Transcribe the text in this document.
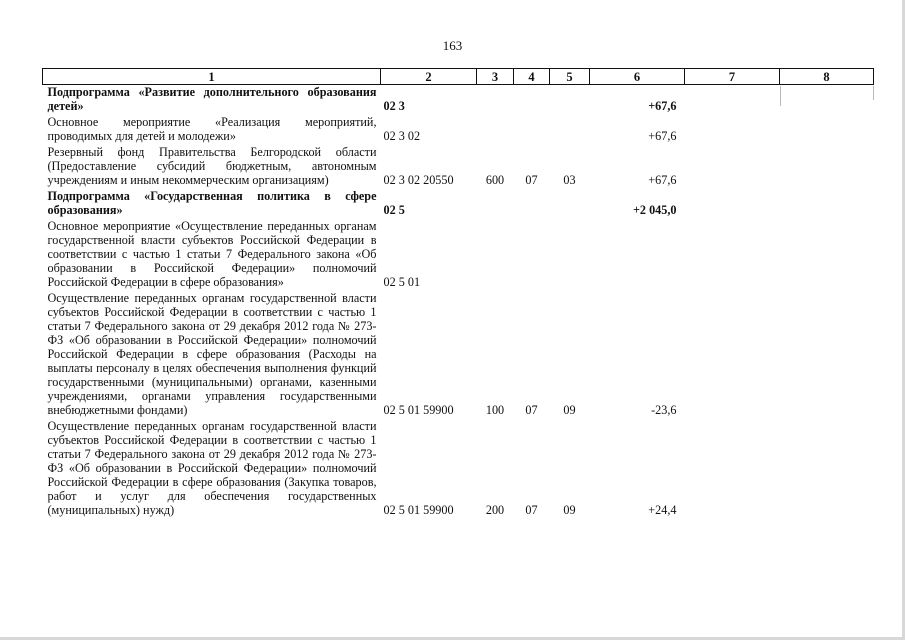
163
1	2	3	4	5	6	7	8
Подпрограмма «Развитие дополнительного образования детей»	02 3				+67,6		
Основное мероприятие «Реализация мероприятий, проводимых для детей и молодежи»	02 3 02				+67,6		
Резервный фонд Правительства Белгородской области (Предоставление субсидий бюджетным, автономным учреждениям и иным некоммерческим организациям)	02 3 02 20550	600	07	03	+67,6		
Подпрограмма «Государственная политика в сфере образования»	02 5				+2 045,0		
Основное мероприятие «Осуществление переданных органам государственной власти субъектов Российской Федерации в соответствии с частью 1 статьи 7 Федерального закона «Об образовании в Российской Федерации» полномочий Российской Федерации в сфере образования»	02 5 01						
Осуществление переданных органам государственной власти субъектов Российской Федерации в соответствии с частью 1 статьи 7 Федерального закона от 29 декабря 2012 года № 273-ФЗ «Об образовании в Российской Федерации» полномочий Российской Федерации в сфере образования (Расходы на выплаты персоналу в целях обеспечения выполнения функций государственными (муниципальными) органами, казенными учреждениями, органами управления государственными внебюджетными фондами)	02 5 01 59900	100	07	09	-23,6		
Осуществление переданных органам государственной власти субъектов Российской Федерации в соответствии с частью 1 статьи 7 Федерального закона от 29 декабря 2012 года № 273-ФЗ «Об образовании в Российской Федерации» полномочий Российской Федерации в сфере образования (Закупка товаров, работ и услуг для обеспечения государственных (муниципальных) нужд)	02 5 01 59900	200	07	09	+24,4		
